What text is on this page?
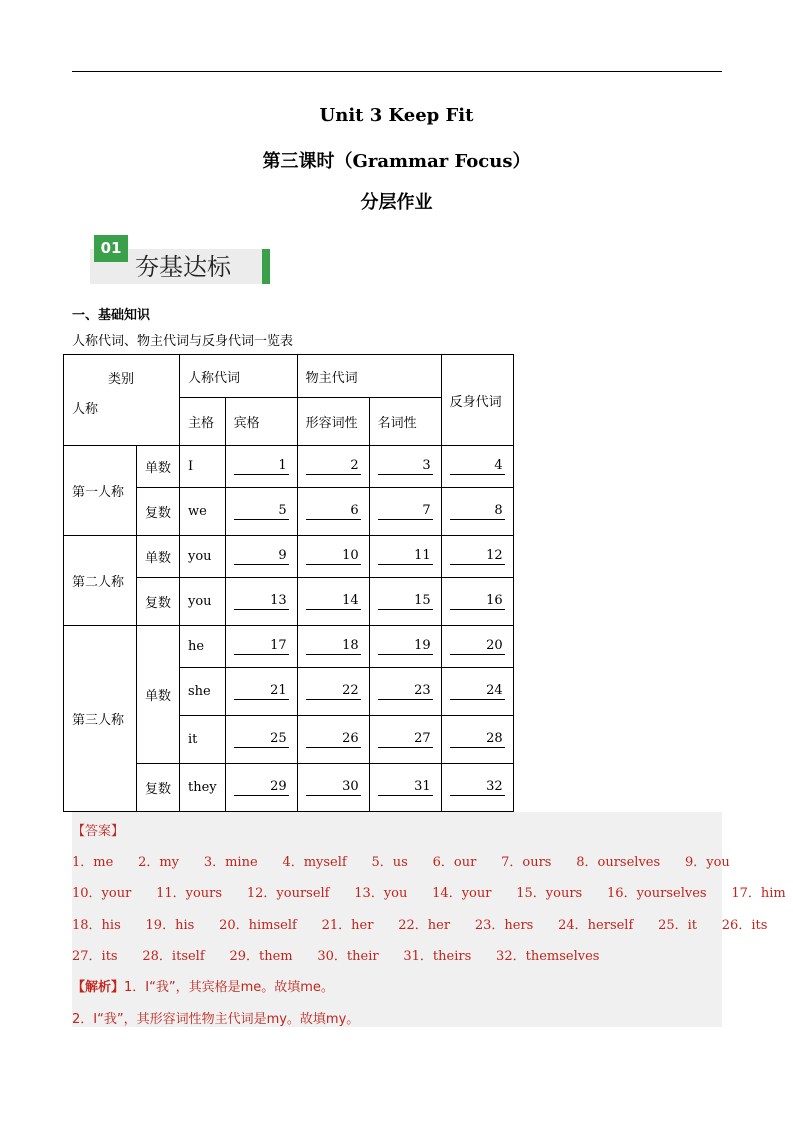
Unit 3 Keep Fit
第三课时（Grammar Focus）
分层作业
01
夯基达标
一、基础知识
人称代词、物主代词与反身代词一览表
类别
人称		人称代词		物主代词		反身代词
		主格	宾格	形容词性	名词性	
第一人称	单数	I	1	2	3	4

	复数	we	5	6	7	8

第二人称	单数	you	9	10	11	12

	复数	you	13	14	15	16

第三人称	单数	he	17	18	19	20

		she	21	22	23	24

		it	25	26	27	28

	复数	they	29	30	31	32
【答案】
1．me      2．my      3．mine      4．myself      5．us      6．our      7．ours      8．ourselves      9．you
10．your      11．yours      12．yourself      13．you      14．your      15．yours      16．yourselves      17．him
18．his      19．his      20．himself      21．her      22．her      23．hers      24．herself      25．it      26．its
27．its      28．itself      29．them      30．their      31．theirs      32．themselves
【解析】1．I“我”，其宾格是me。故填me。
2．I“我”，其形容词性物主代词是my。故填my。
